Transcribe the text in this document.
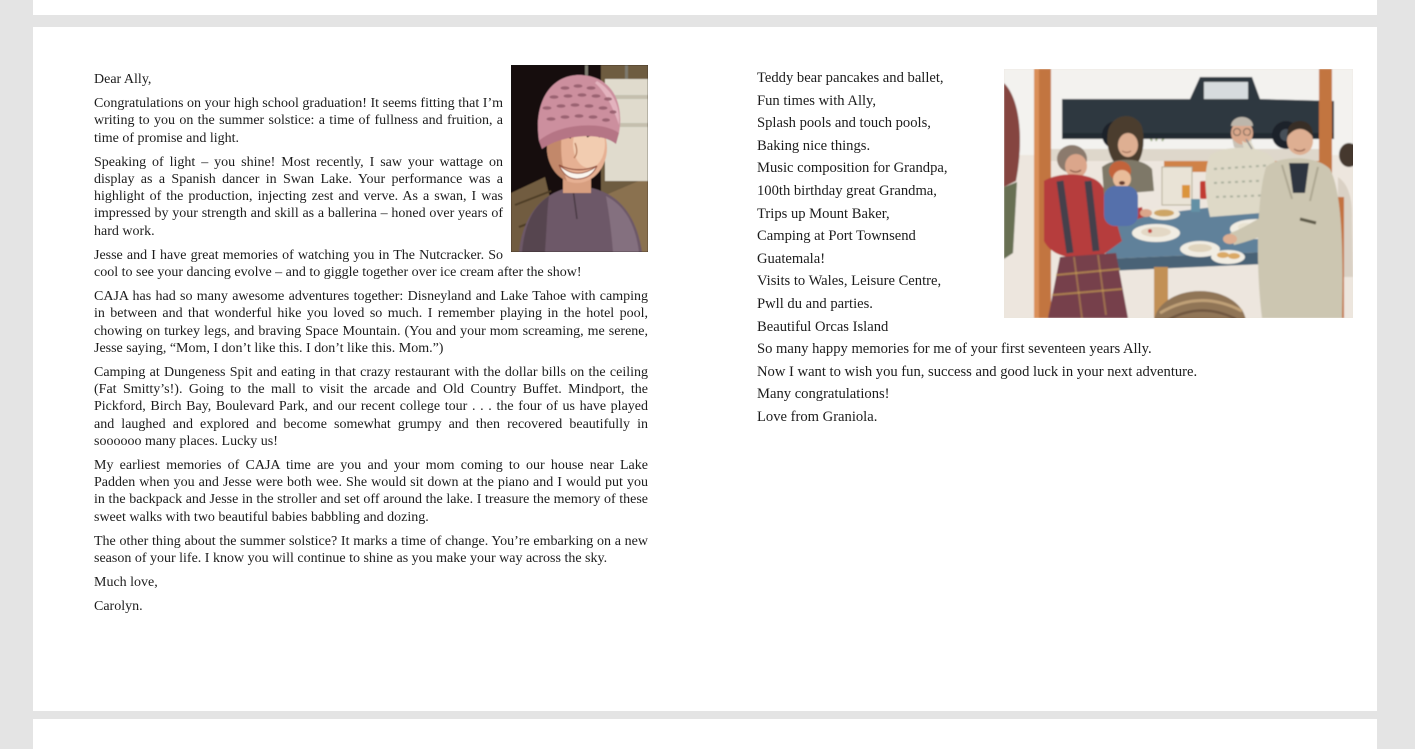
Dear Ally,

Congratulations on your high school graduation! It seems fitting that I’m writing to you on the summer solstice: a time of fullness and fruition, a time of promise and light.

Speaking of light – you shine! Most recently, I saw your wattage on display as a Spanish dancer in Swan Lake. Your performance was a highlight of the production, injecting zest and verve. As a swan, I was impressed by your strength and skill as a ballerina – honed over years of hard work.

Jesse and I have great memories of watching you in The Nutcracker. So cool to see your dancing evolve – and to giggle together over ice cream after the show!

CAJA has had so many awesome adventures together: Disneyland and Lake Tahoe with camping in between and that wonderful hike you loved so much. I remember playing in the hotel pool, chowing on turkey legs, and braving Space Mountain. (You and your mom screaming, me serene, Jesse saying, “Mom, I don’t like this. I don’t like this. Mom.”)

Camping at Dungeness Spit and eating in that crazy restaurant with the dollar bills on the ceiling (Fat Smitty’s!). Going to the mall to visit the arcade and Old Country Buffet. Mindport, the Pickford, Birch Bay, Boulevard Park, and our recent college tour . . . the four of us have played and laughed and explored and become somewhat grumpy and then recovered beautifully in soooooo many places. Lucky us!

My earliest memories of CAJA time are you and your mom coming to our house near Lake Padden when you and Jesse were both wee. She would sit down at the piano and I would put you in the backpack and Jesse in the stroller and set off around the lake. I treasure the memory of these sweet walks with two beautiful babies babbling and dozing.

The other thing about the summer solstice? It marks a time of change. You’re embarking on a new season of your life. I know you will continue to shine as you make your way across the sky.

Much love,

Carolyn.

Teddy bear pancakes and ballet,
Fun times with Ally,
Splash pools and touch pools,
Baking nice things.
Music composition for Grandpa,
100th birthday great Grandma,
Trips up Mount Baker,
Camping at Port Townsend
Guatemala!
Visits to Wales, Leisure Centre,
Pwll du and parties.
Beautiful Orcas Island
So many happy memories for me of your first seventeen years Ally.
Now I want to wish you fun, success and good luck in your next adventure.
Many congratulations!
Love from Graniola.
